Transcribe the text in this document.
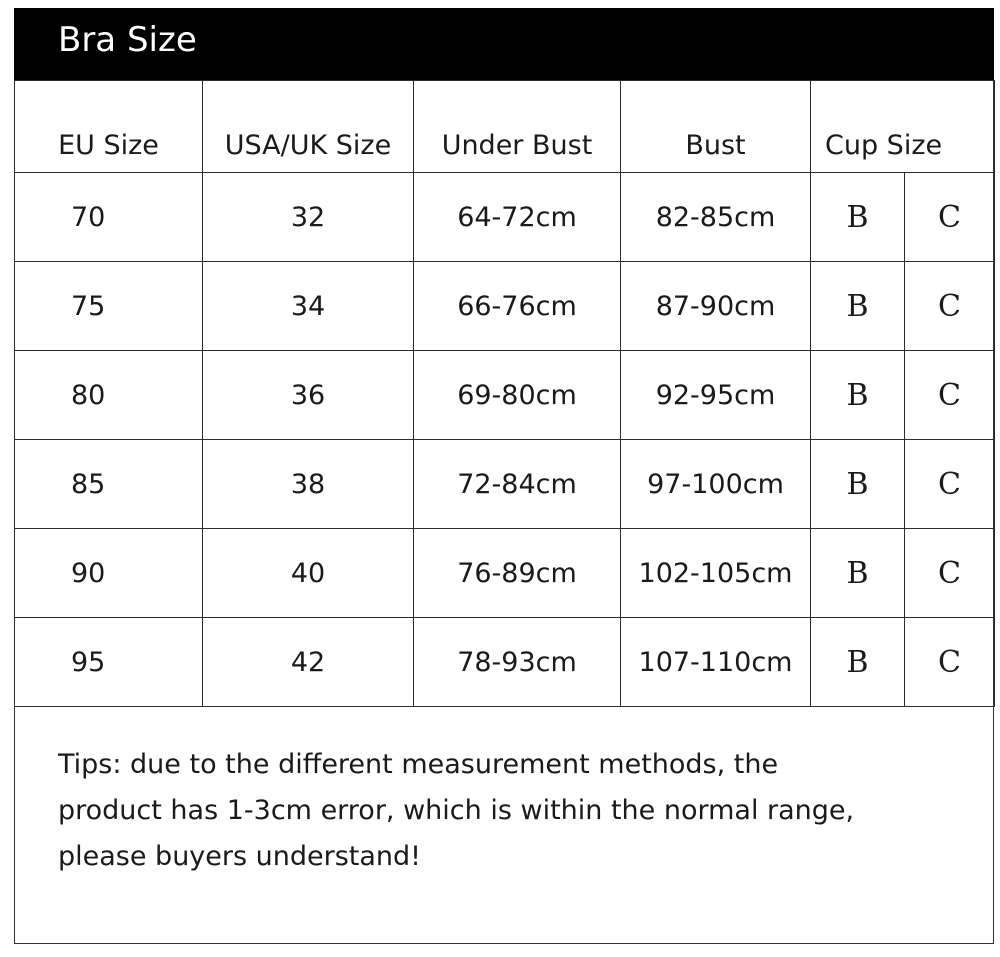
Bra Size
EU Size	USA/UK Size	Under Bust	Bust	Cup Size	
70	32	64-72cm	82-85cm	B	C
75	34	66-76cm	87-90cm	B	C
80	36	69-80cm	92-95cm	B	C
85	38	72-84cm	97-100cm	B	C
90	40	76-89cm	102-105cm	B	C
95	42	78-93cm	107-110cm	B	C
Tips: due to the different measurement methods, the
product has 1-3cm error, which is within the normal range,
please buyers understand!
